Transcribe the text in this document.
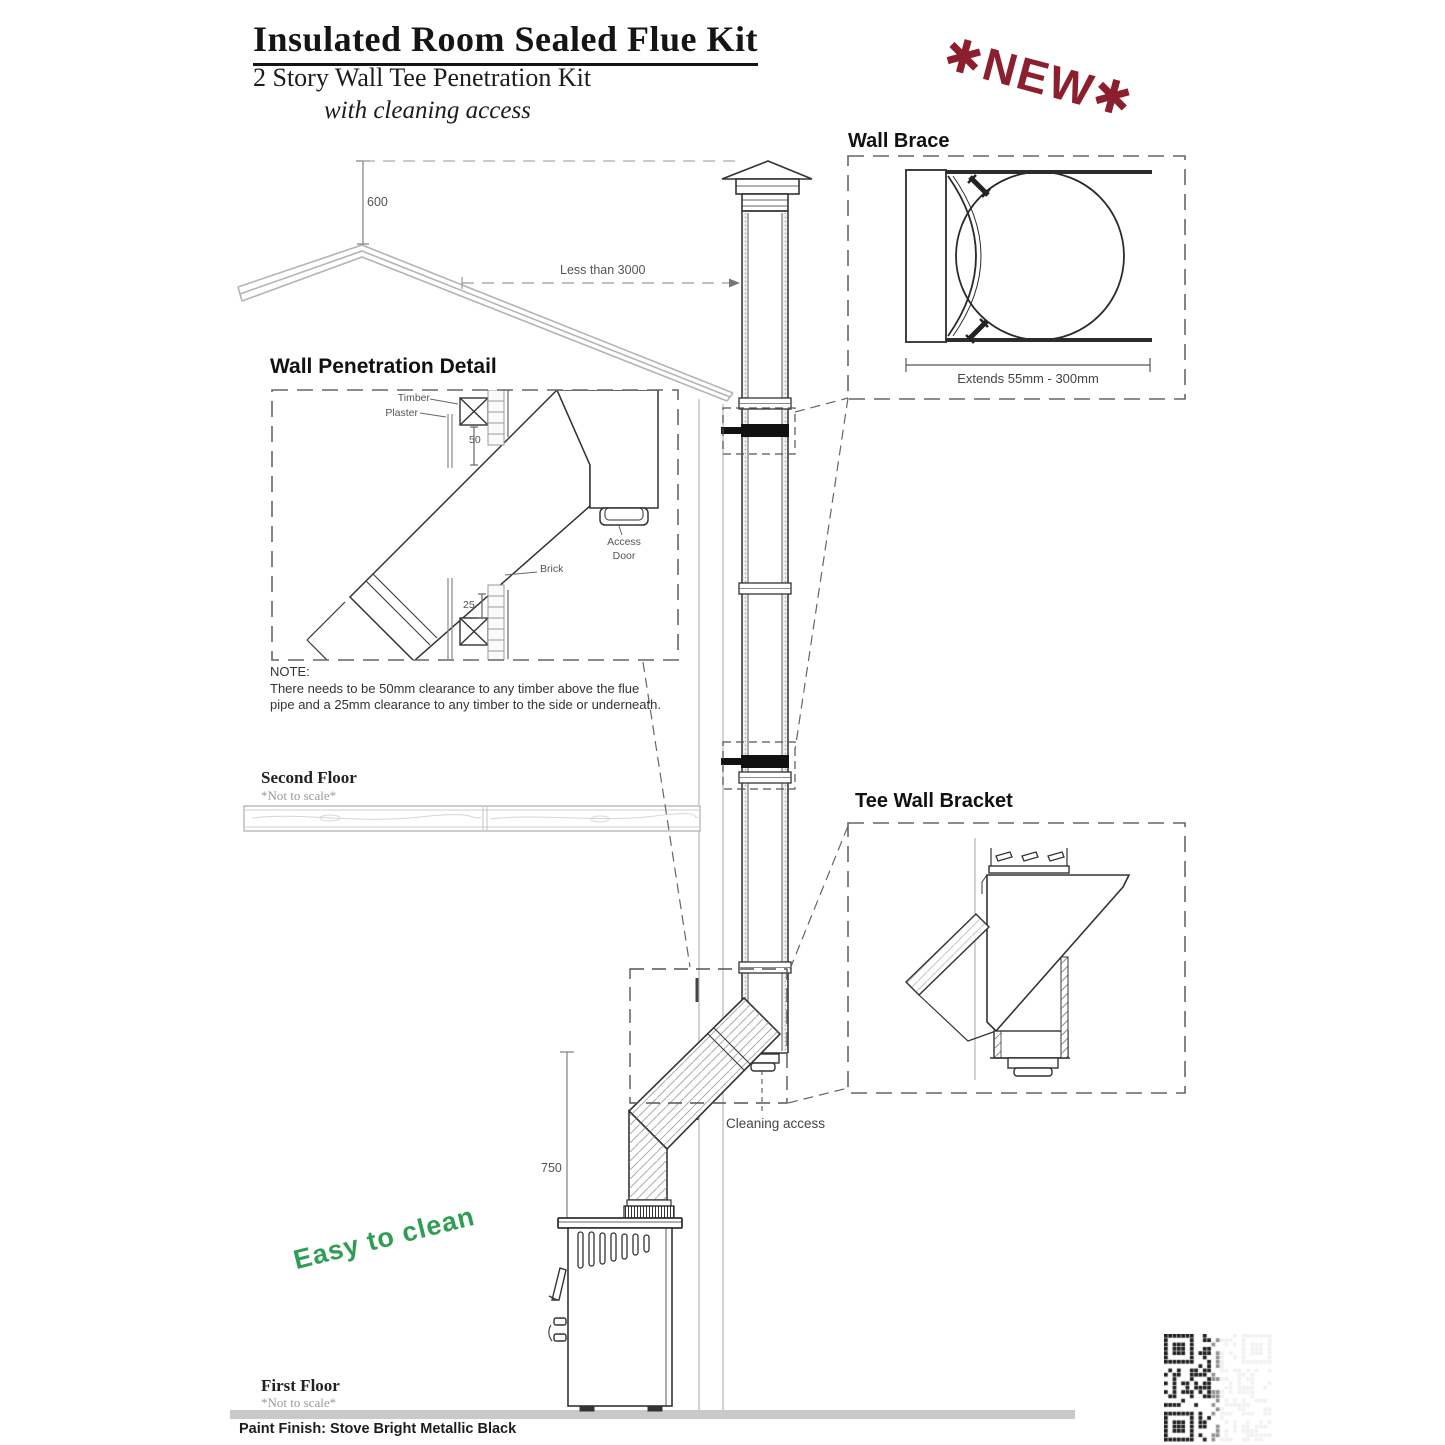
Insulated Room Sealed Flue Kit
2 Story Wall Tee Penetration Kit
with cleaning access	✱NEW✱
Wall Brace
Extends 55mm - 300mm
Wall Penetration Detail
Timber
Plaster
50
25
Brick
Access Door
NOTE:
There needs to be 50mm clearance to any timber above the flue
pipe and a 25mm clearance to any timber to the side or underneath.
Second Floor
*Not to scale*
First Floor
*Not to scale*
600
Less than 3000
750
Tee Wall Bracket
Cleaning access
Easy to clean
Paint Finish: Stove Bright Metallic Black
